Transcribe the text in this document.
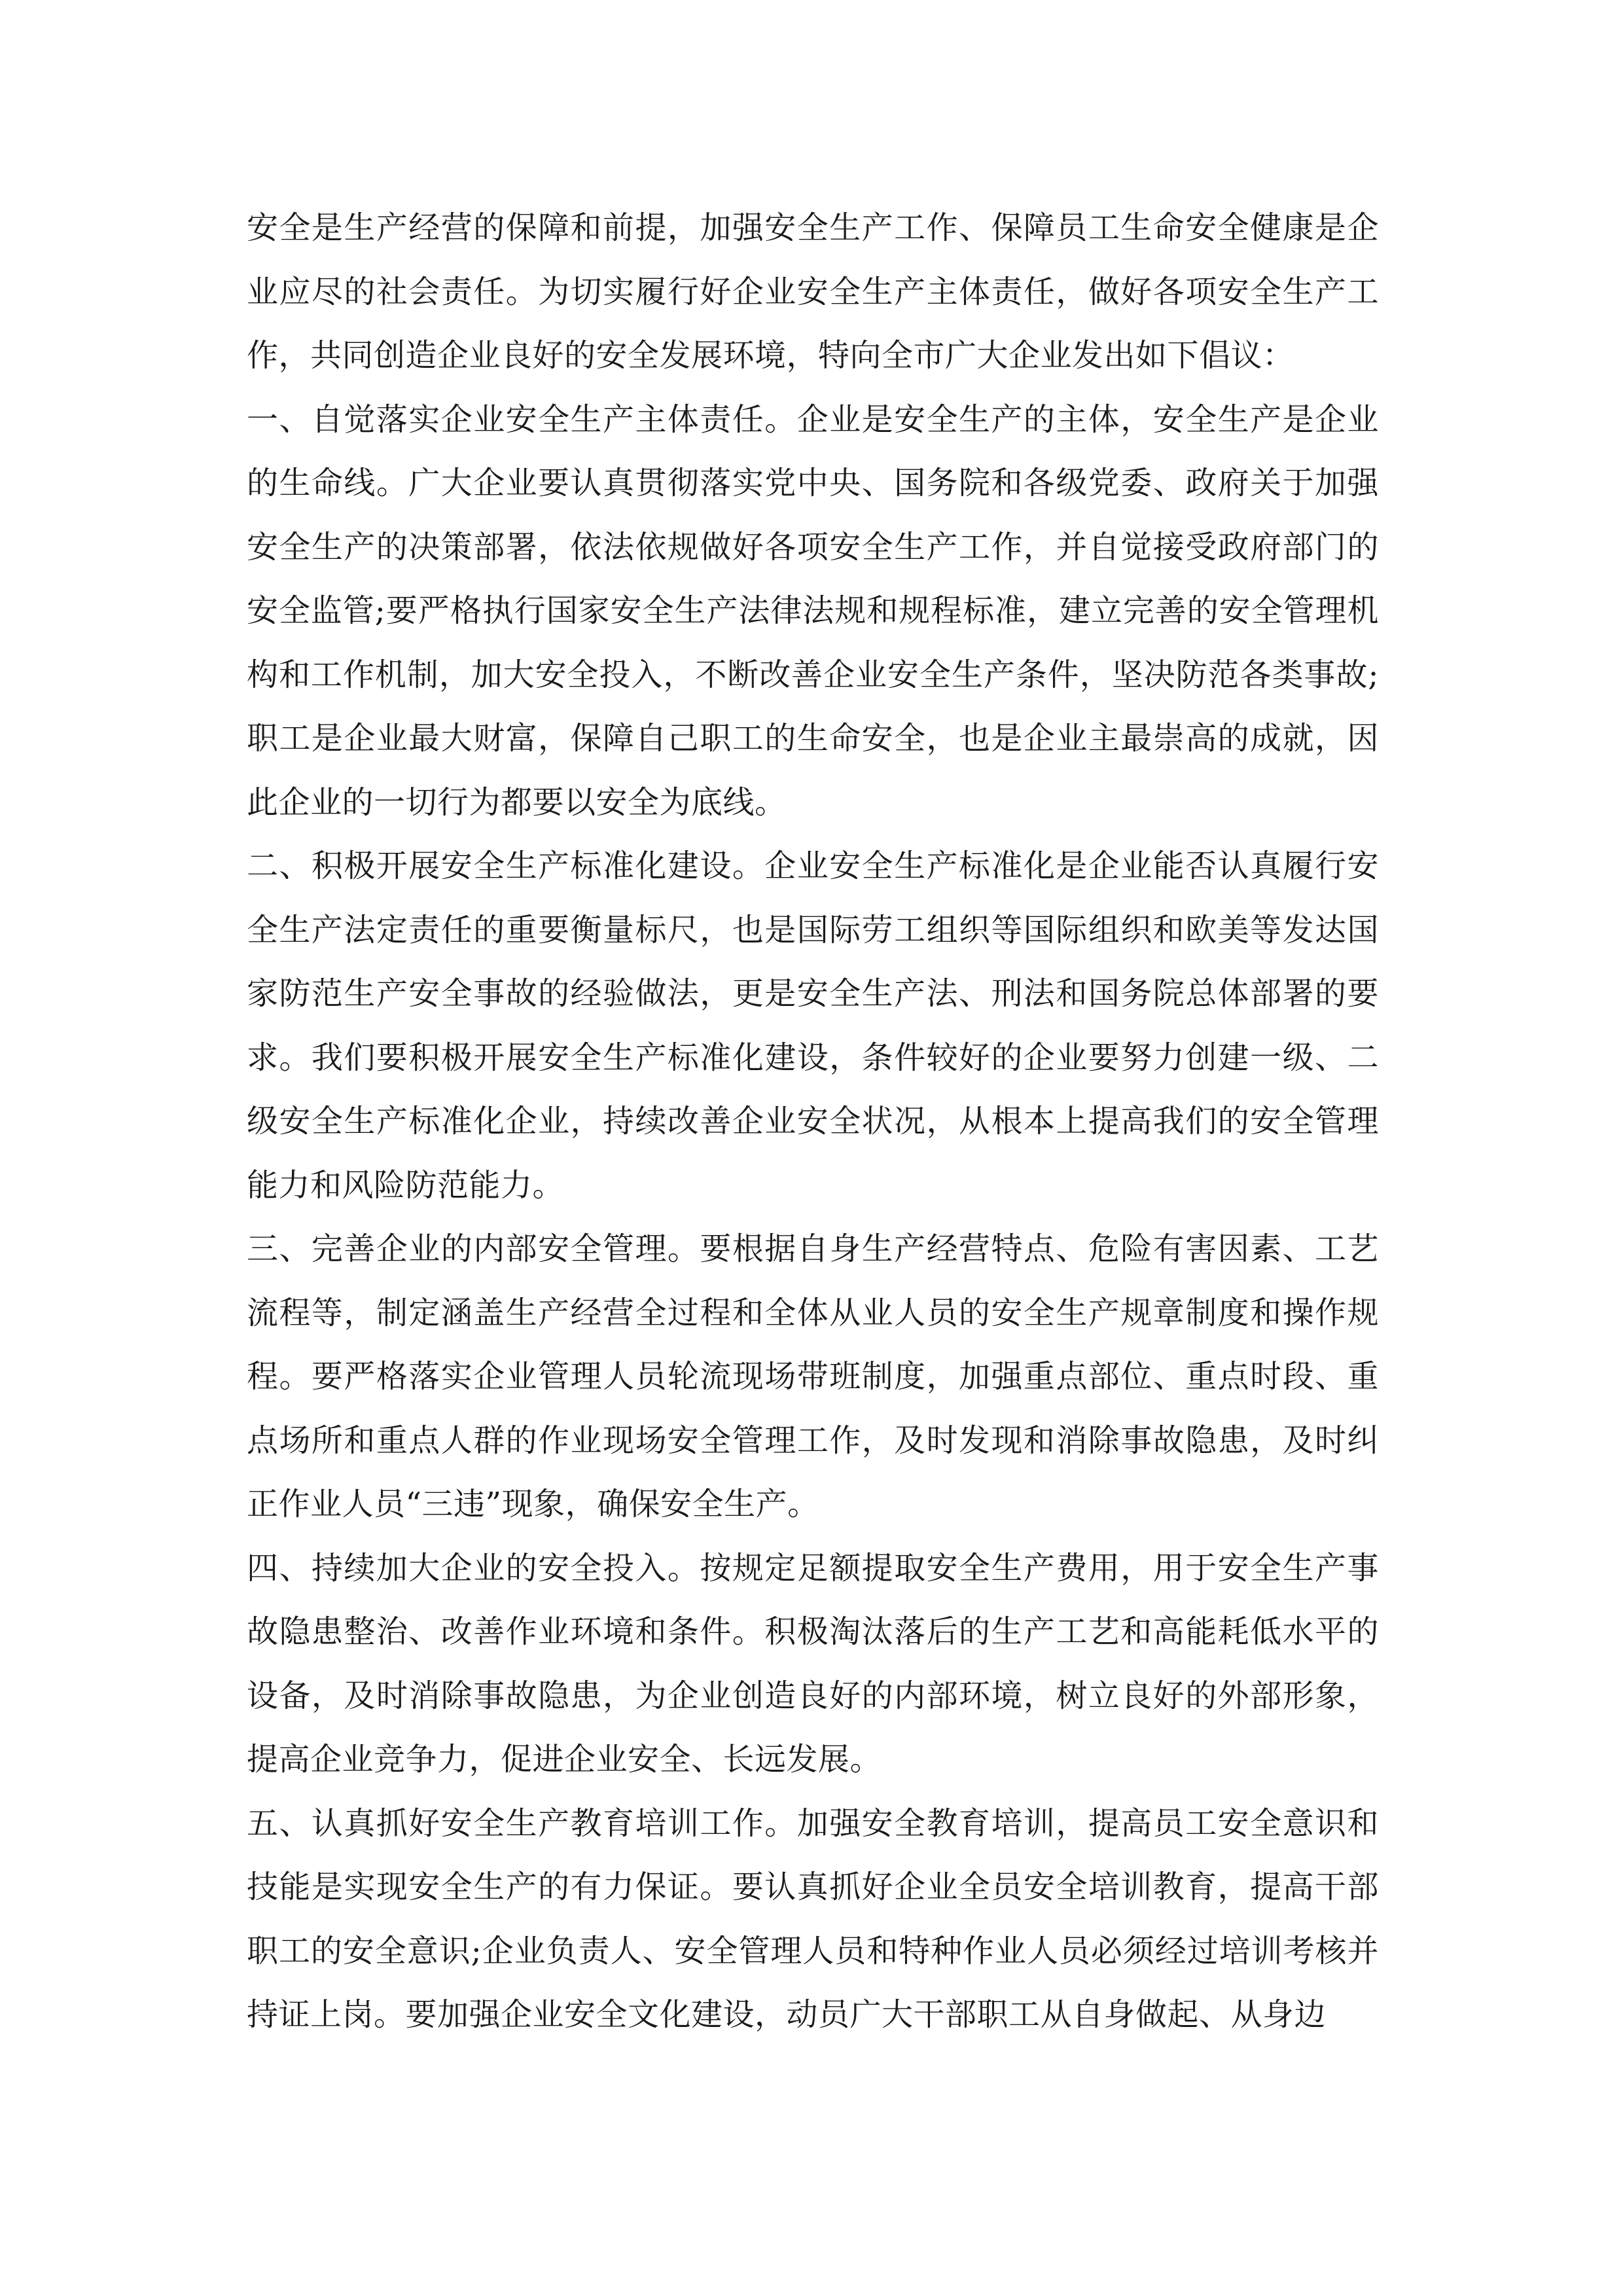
安全是生产经营的保障和前提，加强安全生产工作、保障员工生命安全健康是企业应尽的社会责任。为切实履行好企业安全生产主体责任，做好各项安全生产工作，共同创造企业良好的安全发展环境，特向全市广大企业发出如下倡议：

一、自觉落实企业安全生产主体责任。企业是安全生产的主体，安全生产是企业的生命线。广大企业要认真贯彻落实党中央、国务院和各级党委、政府关于加强安全生产的决策部署，依法依规做好各项安全生产工作，并自觉接受政府部门的安全监管;要严格执行国家安全生产法律法规和规程标准，建立完善的安全管理机构和工作机制，加大安全投入，不断改善企业安全生产条件，坚决防范各类事故;职工是企业最大财富，保障自己职工的生命安全，也是企业主最崇高的成就，因此企业的一切行为都要以安全为底线。

二、积极开展安全生产标准化建设。企业安全生产标准化是企业能否认真履行安全生产法定责任的重要衡量标尺，也是国际劳工组织等国际组织和欧美等发达国家防范生产安全事故的经验做法，更是安全生产法、刑法和国务院总体部署的要求。我们要积极开展安全生产标准化建设，条件较好的企业要努力创建一级、二级安全生产标准化企业，持续改善企业安全状况，从根本上提高我们的安全管理能力和风险防范能力。

三、完善企业的内部安全管理。要根据自身生产经营特点、危险有害因素、工艺流程等，制定涵盖生产经营全过程和全体从业人员的安全生产规章制度和操作规程。要严格落实企业管理人员轮流现场带班制度，加强重点部位、重点时段、重点场所和重点人群的作业现场安全管理工作，及时发现和消除事故隐患，及时纠正作业人员“三违”现象，确保安全生产。

四、持续加大企业的安全投入。按规定足额提取安全生产费用，用于安全生产事故隐患整治、改善作业环境和条件。积极淘汰落后的生产工艺和高能耗低水平的设备，及时消除事故隐患，为企业创造良好的内部环境，树立良好的外部形象，提高企业竞争力，促进企业安全、长远发展。

五、认真抓好安全生产教育培训工作。加强安全教育培训，提高员工安全意识和技能是实现安全生产的有力保证。要认真抓好企业全员安全培训教育，提高干部职工的安全意识;企业负责人、安全管理人员和特种作业人员必须经过培训考核并持证上岗。要加强企业安全文化建设，动员广大干部职工从自身做起、从身边
